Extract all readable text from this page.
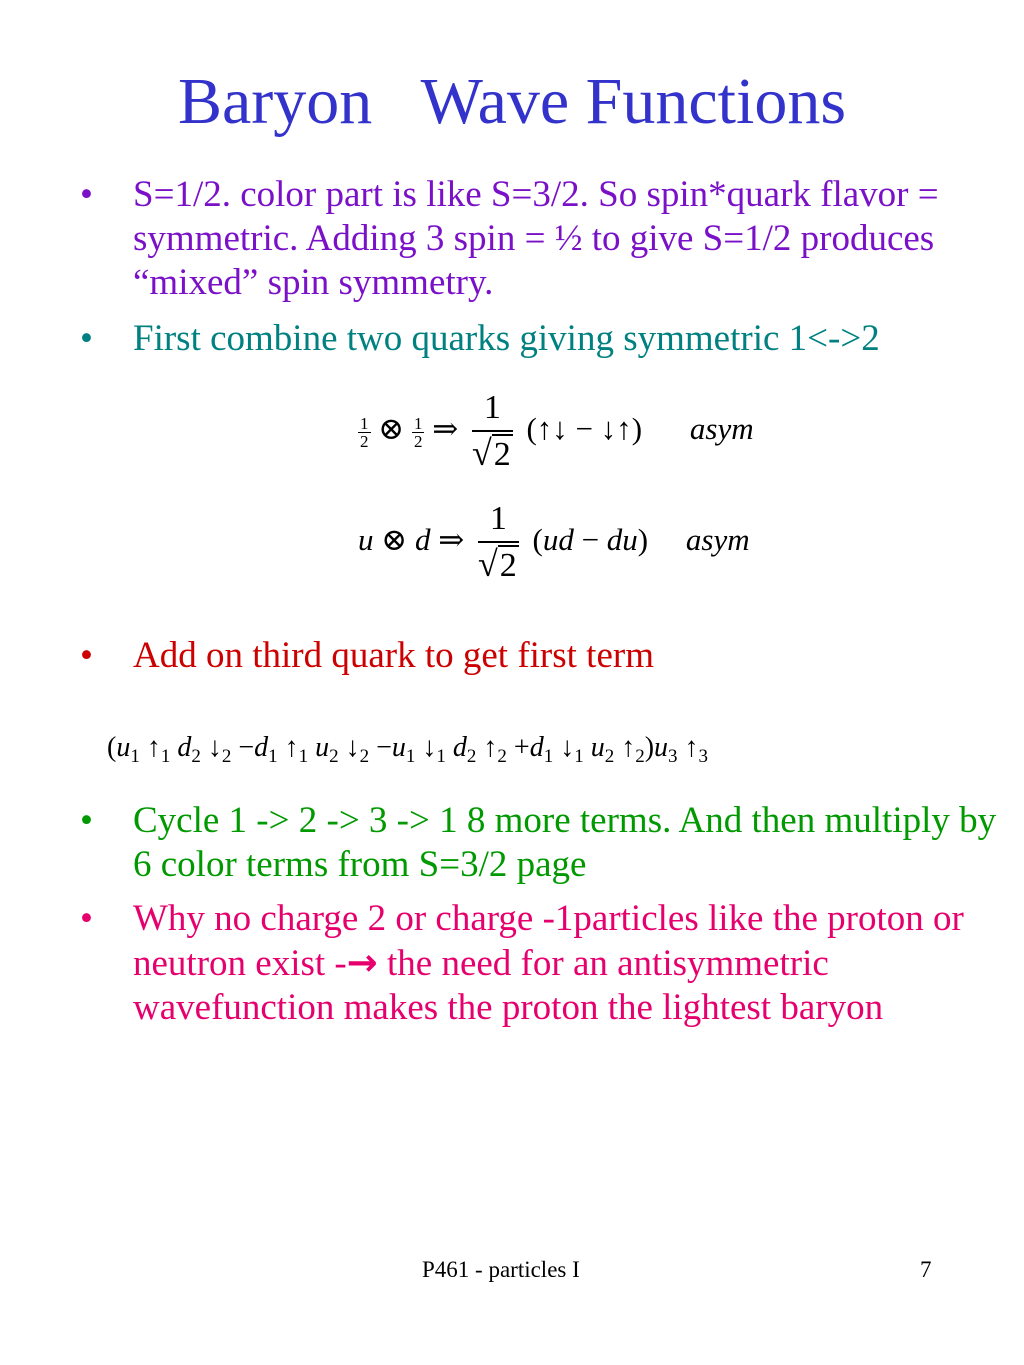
Baryon   Wave Functions
• S=1/2. color part is like S=3/2. So spin*quark flavor = symmetric. Adding 3 spin = ½ to give S=1/2 produces “mixed” spin symmetry.
• First combine two quarks giving symmetric 1<->2
$\frac{1}{2}$ ⊗ $\frac{1}{2}$ ⇒ $\frac{1}{√2}$ (↑↓ − ↓↑) asym
u ⊗ d ⇒ $\frac{1}{√2} (ud - du)$ asym
• Add on third quark to get first term
($u_1$ $↑_1$ $d_2$ $↓_2 -d_1$ $↑_1$ $u_2$ $↓_2 -u_1$ $↓_1$ $d_2$ $↑_2 +d_1$ $↓_1$ $u_2$ $↑_2)u_3$ $↑_3$
• Cycle 1 -> 2 -> 3 -> 1 8 more terms. And then multiply by 6 color terms from S=3/2 page
• Why no charge 2 or charge -1particles like the proton or neutron exist -→ the need for an antisymmetric wavefunction makes the proton the lightest baryon
P461 - particles I	7
